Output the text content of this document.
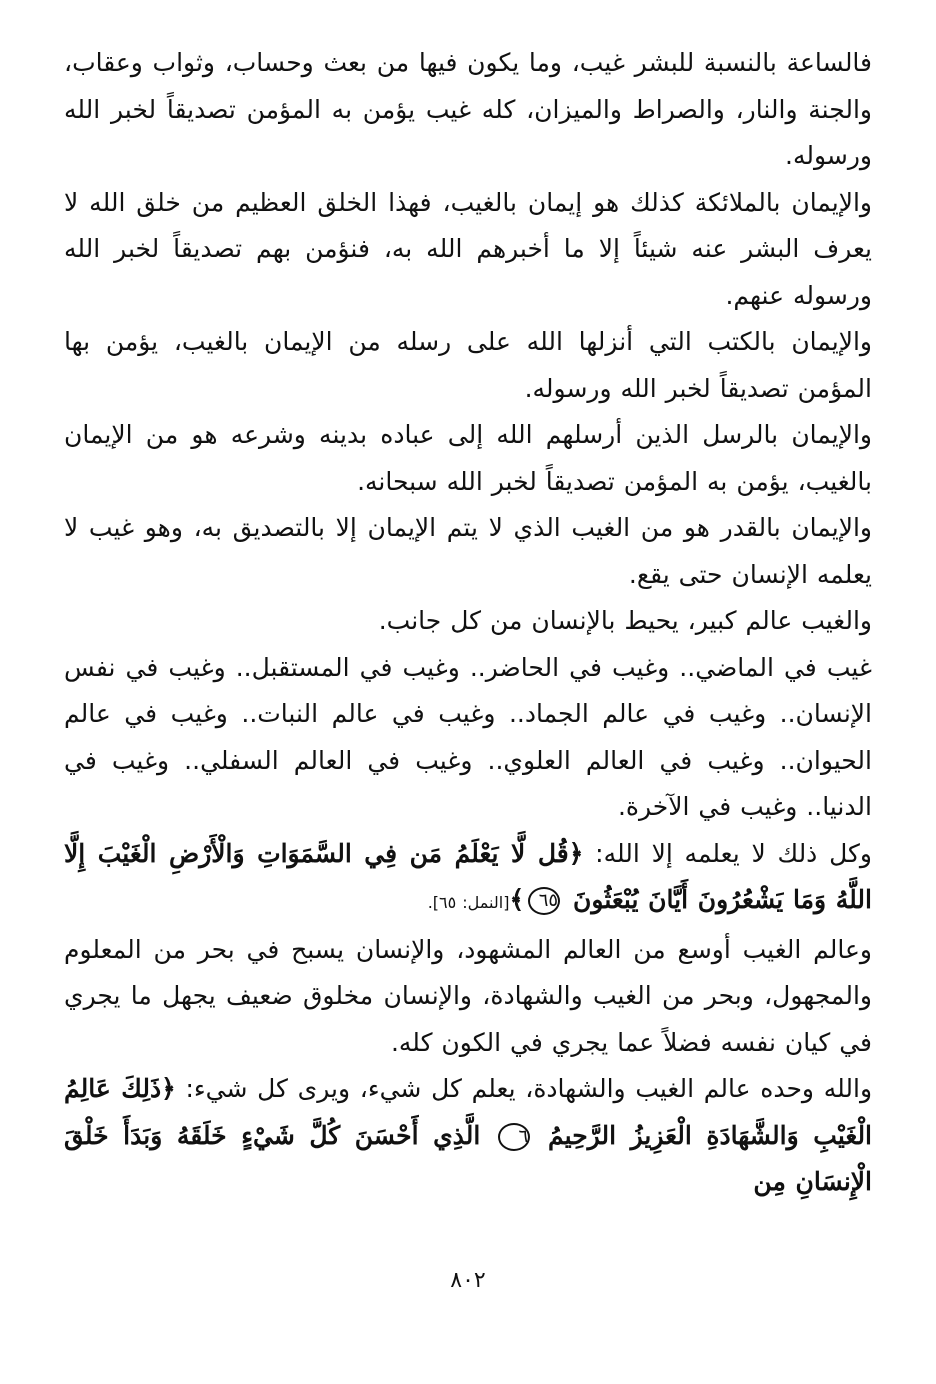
فالساعة بالنسبة للبشر غيب، وما يكون فيها من بعث وحساب، وثواب وعقاب، والجنة والنار، والصراط والميزان، كله غيب يؤمن به المؤمن تصديقاً لخبر الله ورسوله.

والإيمان بالملائكة كذلك هو إيمان بالغيب، فهذا الخلق العظيم من خلق الله لا يعرف البشر عنه شيئاً إلا ما أخبرهم الله به، فنؤمن بهم تصديقاً لخبر الله ورسوله عنهم.

والإيمان بالكتب التي أنزلها الله على رسله من الإيمان بالغيب، يؤمن بها المؤمن تصديقاً لخبر الله ورسوله.

والإيمان بالرسل الذين أرسلهم الله إلى عباده بدينه وشرعه هو من الإيمان بالغيب، يؤمن به المؤمن تصديقاً لخبر الله سبحانه.

والإيمان بالقدر هو من الغيب الذي لا يتم الإيمان إلا بالتصديق به، وهو غيب لا يعلمه الإنسان حتى يقع.

والغيب عالم كبير، يحيط بالإنسان من كل جانب.

غيب في الماضي.. وغيب في الحاضر.. وغيب في المستقبل.. وغيب في نفس الإنسان.. وغيب في عالم الجماد.. وغيب في عالم النبات.. وغيب في عالم الحيوان.. وغيب في العالم العلوي.. وغيب في العالم السفلي.. وغيب في الدنيا.. وغيب في الآخرة.

وكل ذلك لا يعلمه إلا الله: ﴿قُل لَّا يَعْلَمُ مَن فِي السَّمَوَاتِ وَالْأَرْضِ الْغَيْبَ إِلَّا اللَّهُ وَمَا يَشْعُرُونَ أَيَّانَ يُبْعَثُونَ ٦٥﴾[النمل: ٦٥].

وعالم الغيب أوسع من العالم المشهود، والإنسان يسبح في بحر من المعلوم والمجهول، وبحر من الغيب والشهادة، والإنسان مخلوق ضعيف يجهل ما يجري في كيان نفسه فضلاً عما يجري في الكون كله.

والله وحده عالم الغيب والشهادة، يعلم كل شيء، ويرى كل شيء: ﴿ذَلِكَ عَالِمُ الْغَيْبِ وَالشَّهَادَةِ الْعَزِيزُ الرَّحِيمُ ٦ الَّذِي أَحْسَنَ كُلَّ شَيْءٍ خَلَقَهُ وَبَدَأَ خَلْقَ الْإِنسَانِ مِن

٨٠٢
